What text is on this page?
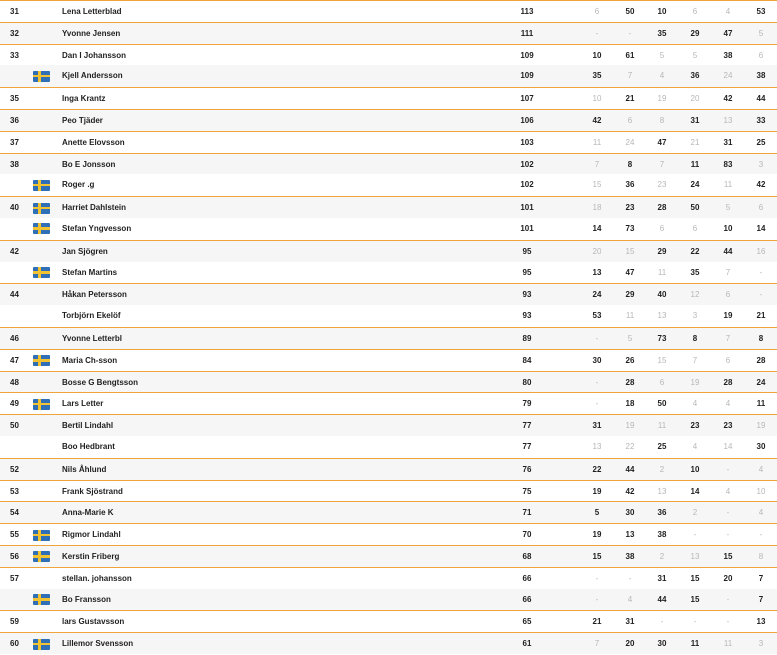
31	Lena Letterblad	113	6	50	10	6	4	53
32	Yvonne Jensen	111	-	-	35	29	47	5
33	Dan I Johansson	109	10	61	5	5	38	6
Kjell Andersson	109	35	7	4	36	24	38
35	Inga Krantz	107	10	21	19	20	42	44
36	Peo Tjäder	106	42	6	8	31	13	33
37	Anette Elovsson	103	11	24	47	21	31	25
38	Bo E Jonsson	102	7	8	7	11	83	3
Roger .g	102	15	36	23	24	11	42
40	Harriet Dahlstein	101	18	23	28	50	5	6
Stefan Yngvesson	101	14	73	6	6	10	14
42	Jan Sjögren	95	20	15	29	22	44	16
Stefan Martins	95	13	47	11	35	7	-
44	Håkan Petersson	93	24	29	40	12	6	-
Torbjörn Ekelöf	93	53	11	13	3	19	21
46	Yvonne Letterbl	89	-	5	73	8	7	8
47	Maria Ch-sson	84	30	26	15	7	6	28
48	Bosse G Bengtsson	80	-	28	6	19	28	24
49	Lars Letter	79	-	18	50	4	4	11
50	Bertil Lindahl	77	31	19	11	23	23	19
Boo Hedbrant	77	13	22	25	4	14	30
52	Nils Åhlund	76	22	44	2	10	-	4
53	Frank Sjöstrand	75	19	42	13	14	4	10
54	Anna-Marie K	71	5	30	36	2	-	4
55	Rigmor Lindahl	70	19	13	38	-	-	-
56	Kerstin Friberg	68	15	38	2	13	15	8
57	stellan. johansson	66	-	-	31	15	20	7
Bo Fransson	66	-	4	44	15	-	7
59	lars Gustavsson	65	21	31	-	-	-	13
60	Lillemor Svensson	61	7	20	30	11	11	3
